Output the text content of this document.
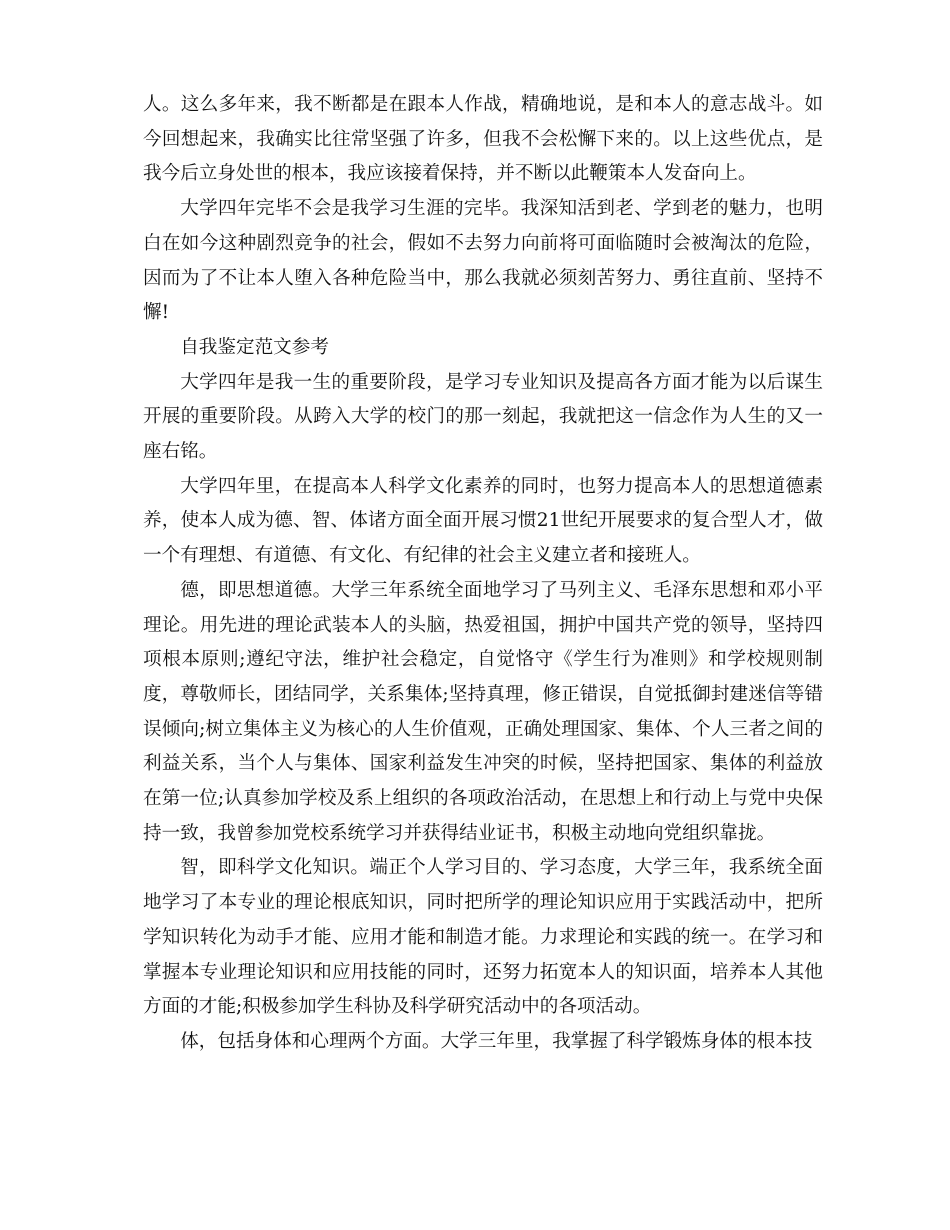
人。这么多年来，我不断都是在跟本人作战，精确地说，是和本人的意志战斗。如今回想起来，我确实比往常坚强了许多，但我不会松懈下来的。以上这些优点，是我今后立身处世的根本，我应该接着保持，并不断以此鞭策本人发奋向上。

大学四年完毕不会是我学习生涯的完毕。我深知活到老、学到老的魅力，也明白在如今这种剧烈竞争的社会，假如不去努力向前将可面临随时会被淘汰的危险，因而为了不让本人堕入各种危险当中，那么我就必须刻苦努力、勇往直前、坚持不懈!

自我鉴定范文参考

大学四年是我一生的重要阶段，是学习专业知识及提高各方面才能为以后谋生开展的重要阶段。从跨入大学的校门的那一刻起，我就把这一信念作为人生的又一座右铭。

大学四年里，在提高本人科学文化素养的同时，也努力提高本人的思想道德素养，使本人成为德、智、体诸方面全面开展习惯21世纪开展要求的复合型人才，做一个有理想、有道德、有文化、有纪律的社会主义建立者和接班人。

德，即思想道德。大学三年系统全面地学习了马列主义、毛泽东思想和邓小平理论。用先进的理论武装本人的头脑，热爱祖国，拥护中国共产党的领导，坚持四项根本原则;遵纪守法，维护社会稳定，自觉恪守《学生行为准则》和学校规则制度，尊敬师长，团结同学，关系集体;坚持真理，修正错误，自觉抵御封建迷信等错误倾向;树立集体主义为核心的人生价值观，正确处理国家、集体、个人三者之间的利益关系，当个人与集体、国家利益发生冲突的时候，坚持把国家、集体的利益放在第一位;认真参加学校及系上组织的各项政治活动，在思想上和行动上与党中央保持一致，我曾参加党校系统学习并获得结业证书，积极主动地向党组织靠拢。

智，即科学文化知识。端正个人学习目的、学习态度，大学三年，我系统全面地学习了本专业的理论根底知识，同时把所学的理论知识应用于实践活动中，把所学知识转化为动手才能、应用才能和制造才能。力求理论和实践的统一。在学习和掌握本专业理论知识和应用技能的同时，还努力拓宽本人的知识面，培养本人其他方面的才能;积极参加学生科协及科学研究活动中的各项活动。

体，包括身体和心理两个方面。大学三年里，我掌握了科学锻炼身体的根本技
